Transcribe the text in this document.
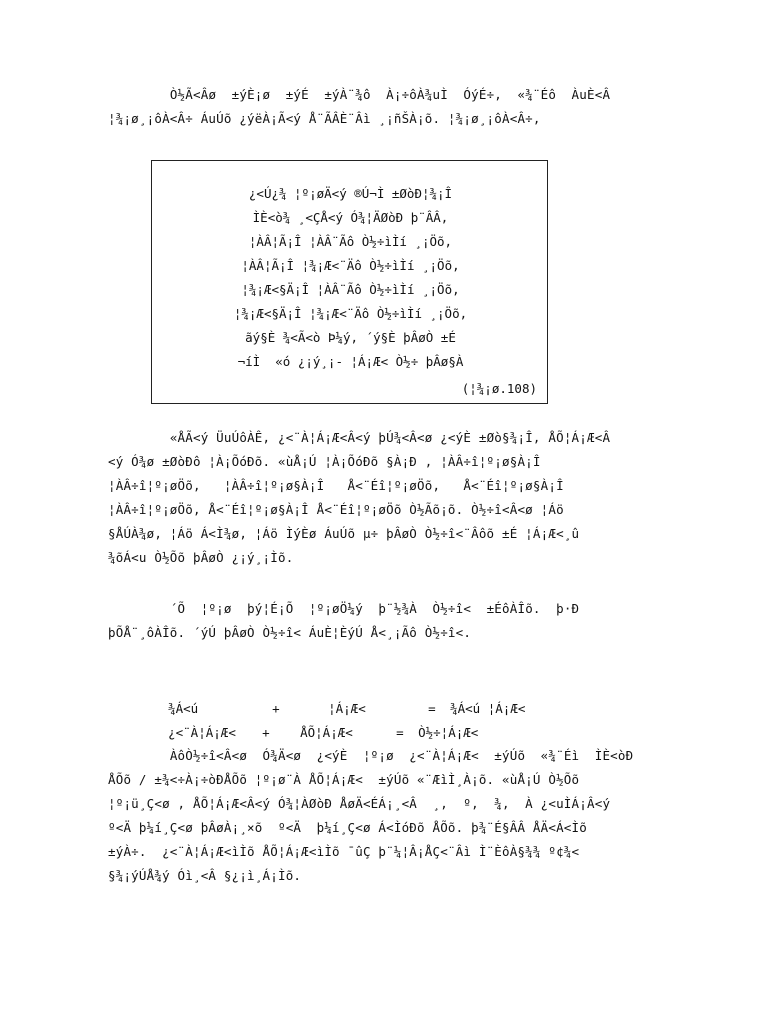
Ò½Ã<Âø  ±ýÈ¡ø  ±ýÉ  ±ýÀ¨¾ô  À¡÷ôÀ¾uÌ  ÓýÉ÷,  «¾¨Éô  ÀuÈ<Â
¦¾¡ø¸¡ôÀ<Â÷ ÁuÚõ ¿ýëÀ¡Ã<ý Å¨ÃÂÈ¨Âì ¸¡ñŠÀ¡õ. ¦¾¡ø¸¡ôÀ<Â÷,
¿<Ú¿¾ ¦º¡øÄ<ý ®Ú¬Ì ±ØòÐ¦¾¡Î
ÌÈ<ò¾ ¸<ÇÅ<ý Ó¾¦ÄØòÐ þ¨ÂÂ,
¦ÀÂ¦Ã¡Î ¦ÀÂ¨Ãô Ò½÷ìÌí ¸¡Öõ,
¦ÀÂ¦Ã¡Î ¦¾¡Æ<¨Äô Ò½÷ìÌí ¸¡Öõ,
¦¾¡Æ<§Ä¡Î ¦ÀÂ¨Ãô Ò½÷ìÌí ¸¡Öõ,
¦¾¡Æ<§Ä¡Î ¦¾¡Æ<¨Äô Ò½÷ìÌí ¸¡Öõ,
ãý§È ¾<Ã<ò Þ¼ý, ´ý§È þÂøÒ ±É
¬íÌ  «ó ¿¡ý¸¡- ¦Á¡Æ< Ò½÷ þÂø§À
(¦¾¡ø.108)
«ÅÃ<ý ÜuÚôÀÊ, ¿<¨À¦Á¡Æ<Â<ý þÚ¾<Â<ø ¿<ýÈ ±Øò§¾¡Î, ÅÕ¦Á¡Æ<Â
<ý Ó¾ø ±ØòÐô ¦À¡ÕóÐõ. «ùÅ¡Ú ¦À¡ÕóÐõ §À¡Ð , ¦ÀÂ÷î¦º¡ø§À¡Î
¦ÀÂ÷î¦º¡øÖõ,   ¦ÀÂ÷î¦º¡ø§À¡Î   Å<¨Éî¦º¡øÖõ,   Å<¨Éî¦º¡ø§À¡Î
¦ÀÂ÷î¦º¡øÖõ, Å<¨Éî¦º¡ø§À¡Î Å<¨Éî¦º¡øÖõ Ò½Ãõ¡õ. Ò½÷î<Â<ø ¦Áö
§ÅÚÀ¾ø, ¦Áö Á<Ì¾ø, ¦Áö ÌýÈø ÁuÚõ µ÷ þÂøÒ Ò½÷î<¨Âôõ ±É ¦Á¡Æ<¸û
¾õÁ<u Ò½Õõ þÂøÒ ¿¡ý¸¡Ìõ.
´Õ  ¦º¡ø  þý¦É¡Õ  ¦º¡øÖ¼ý  þ¨½¾À  Ò½÷î<  ±ÉôÀÎõ.  þ·Ð
þÕÅ¨¸ôÀÎõ. ´ýÚ þÂøÒ Ò½÷î< ÁuÈ¦ÈýÚ Å<¸¡Ãô Ò½÷î<.

¾Á<ú	+	¦Á¡Æ<	= ¾Á<ú ¦Á¡Æ<

¿<¨À¦Á¡Æ< + ÅÕ¦Á¡Æ<	= Ò½÷¦Á¡Æ<

ÀôÒ½÷î<Â<ø  Ó¾Ä<ø  ¿<ýÈ  ¦º¡ø  ¿<¨À¦Á¡Æ<  ±ýÚõ  «¾¨Éì  ÌÈ<òÐ
ÅÕõ / ±¾<÷À¡÷òÐÅÕõ ¦º¡ø¨À ÅÕ¦Á¡Æ<  ±ýÚõ «¨ÆìÌ¸À¡õ. «ùÅ¡Ú Ò½Õõ
¦º¡ü¸Ç<ø , ÅÕ¦Á¡Æ<Â<ý Ó¾¦ÀØòÐ ÅøÄ<ÉÁ¡¸<Â  ¸,  º,  ¾,  À ¿<uÌÁ¡Â<ý
º<Ä þ¼í¸Ç<ø þÂøÀ¡¸×õ  º<Ä  þ¼í¸Ç<ø Á<ÌóÐõ ÅÕõ. þ¾¨É§ÂÂ ÅÄ<Á<Ìõ
±ýÀ÷.  ¿<¨À¦Á¡Æ<ìÌõ ÅÕ¦Á¡Æ<ìÌõ ¯ûÇ þ¨¼¦Â¡ÅÇ<¨Âì Ì¨ÈôÀ§¾¾ º¢¾<
§¾¡ýÚÅ¾ý Óì¸<Â §¿¡ì¸Á¡Ìõ.
